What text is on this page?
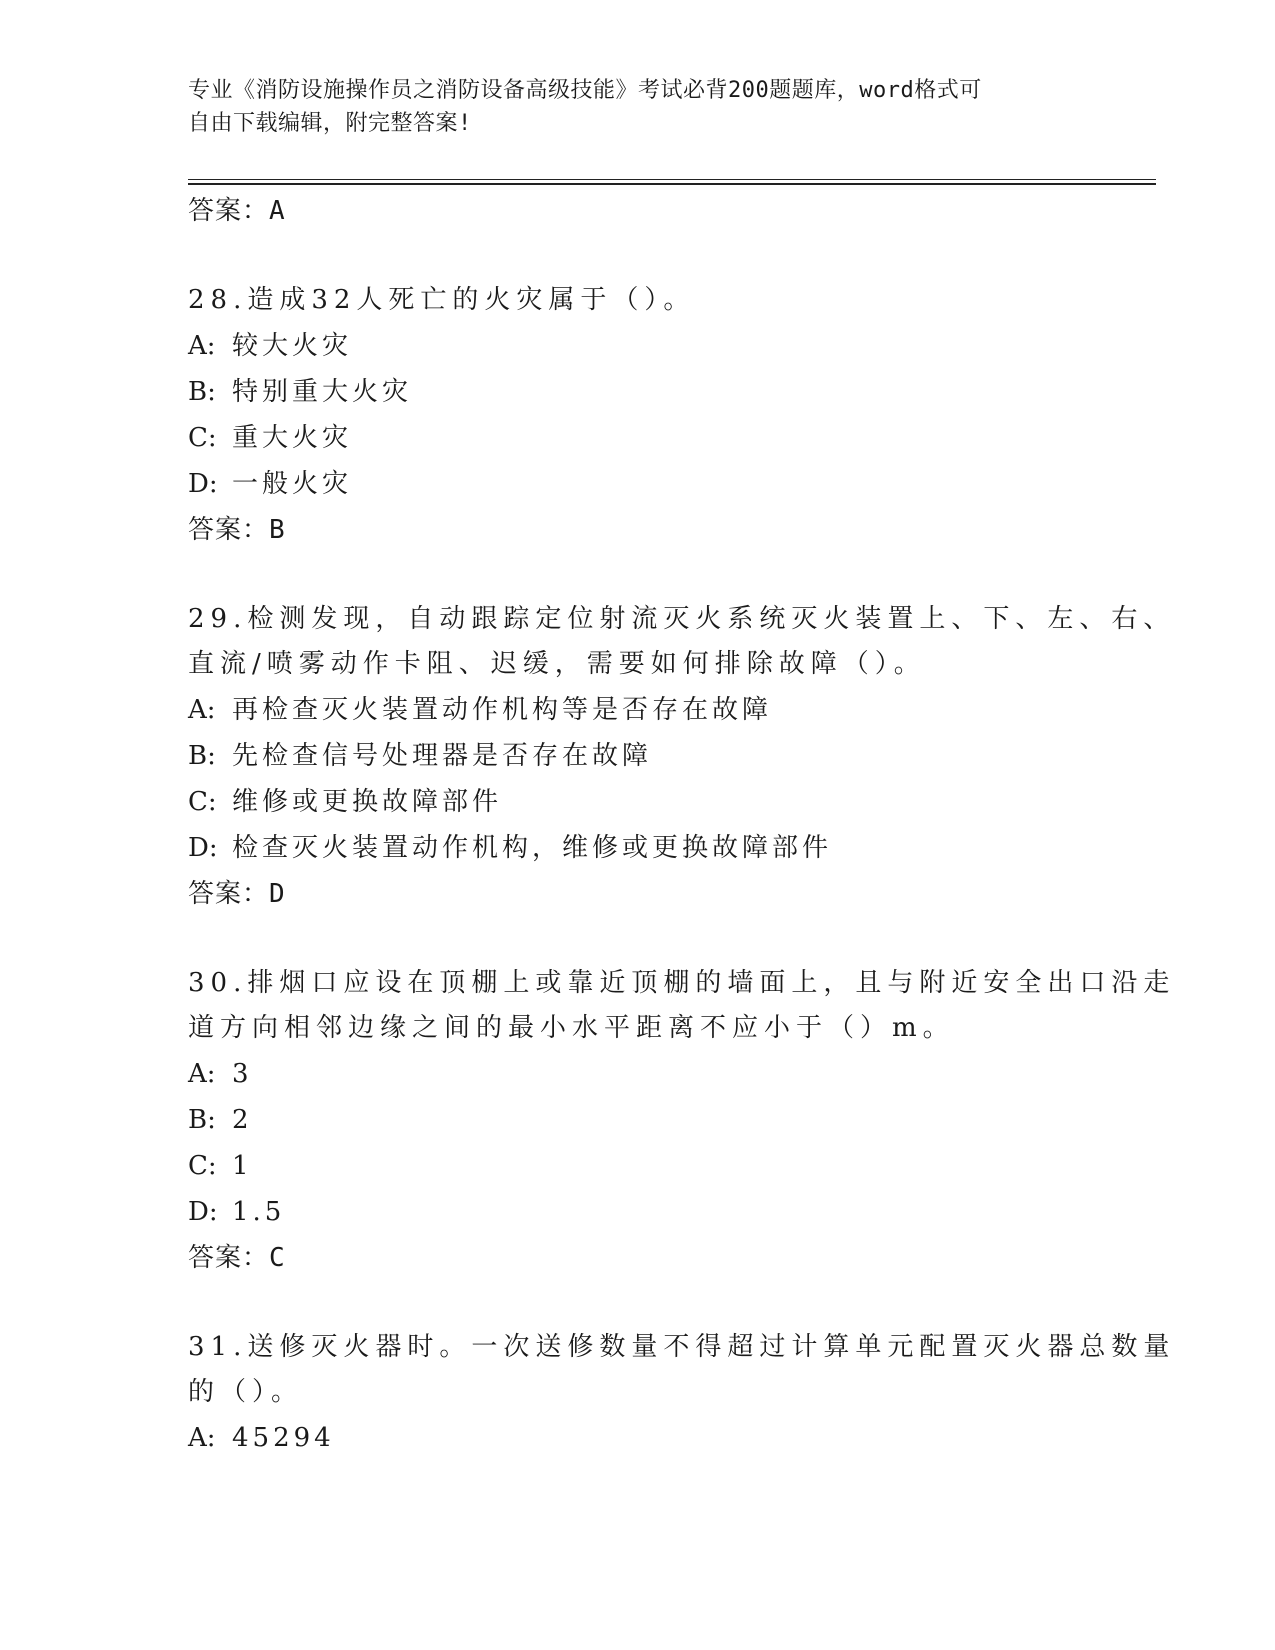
专业《消防设施操作员之消防设备高级技能》考试必背200题题库，word格式可
自由下载编辑，附完整答案!
答案：A
28.造成32人死亡的火灾属于（）。
A: 较大火灾
B: 特别重大火灾
C: 重大火灾
D: 一般火灾
答案：B
29.检测发现，自动跟踪定位射流灭火系统灭火装置上、下、左、右、
直流/喷雾动作卡阻、迟缓，需要如何排除故障（）。
A: 再检查灭火装置动作机构等是否存在故障
B: 先检查信号处理器是否存在故障
C: 维修或更换故障部件
D: 检查灭火装置动作机构，维修或更换故障部件
答案：D
30.排烟口应设在顶棚上或靠近顶棚的墙面上，且与附近安全出口沿走
道方向相邻边缘之间的最小水平距离不应小于（）m。
A: 3
B: 2
C: 1
D: 1.5
答案：C
31.送修灭火器时。一次送修数量不得超过计算单元配置灭火器总数量
的（）。
A: 45294
